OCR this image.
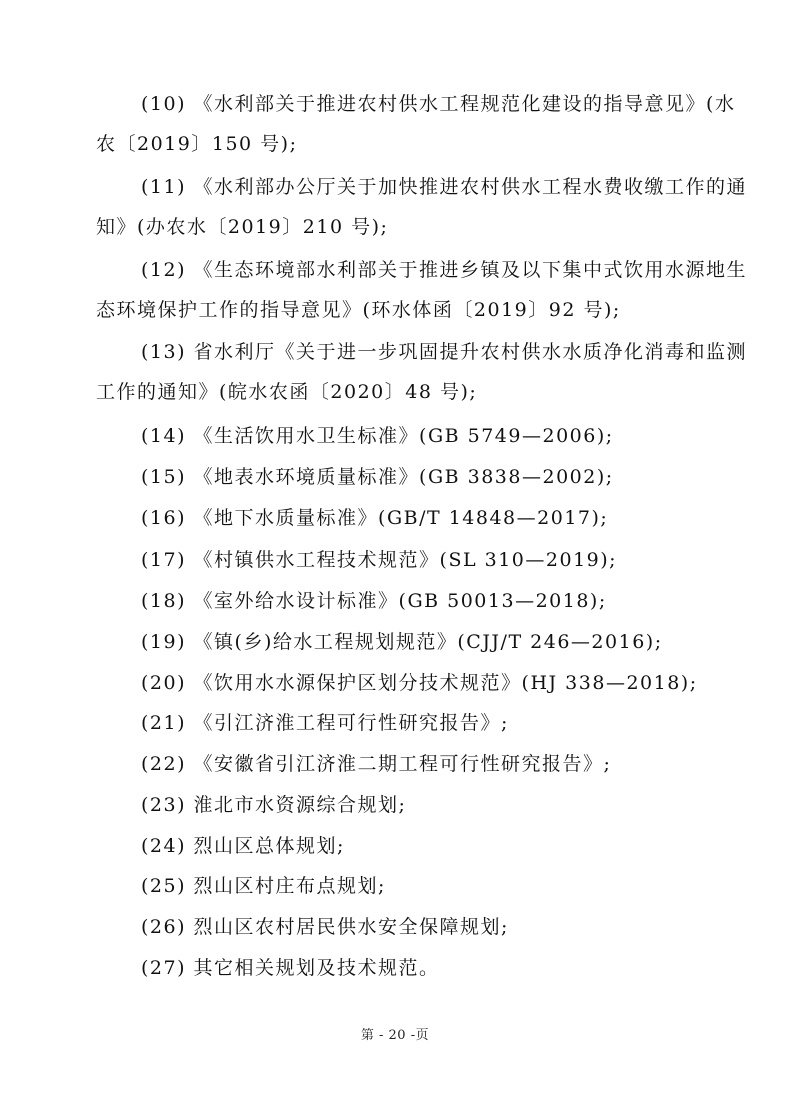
(10) 《水利部关于推进农村供水工程规范化建设的指导意见》(水
农〔2019〕150 号);
(11) 《水利部办公厅关于加快推进农村供水工程水费收缴工作的通
知》(办农水〔2019〕210 号);
(12) 《生态环境部水利部关于推进乡镇及以下集中式饮用水源地生
态环境保护工作的指导意见》(环水体函〔2019〕92 号);
(13) 省水利厅《关于进一步巩固提升农村供水水质净化消毒和监测
工作的通知》(皖水农函〔2020〕48 号);
(14) 《生活饮用水卫生标准》(GB 5749—2006);
(15) 《地表水环境质量标准》(GB 3838—2002);
(16) 《地下水质量标准》(GB/T 14848—2017);
(17) 《村镇供水工程技术规范》(SL 310—2019);
(18) 《室外给水设计标准》(GB 50013—2018);
(19) 《镇(乡)给水工程规划规范》(CJJ/T 246—2016);
(20) 《饮用水水源保护区划分技术规范》(HJ 338—2018);
(21) 《引江济淮工程可行性研究报告》;
(22) 《安徽省引江济淮二期工程可行性研究报告》;
(23) 淮北市水资源综合规划;
(24) 烈山区总体规划;
(25) 烈山区村庄布点规划;
(26) 烈山区农村居民供水安全保障规划;
(27) 其它相关规划及技术规范。
第 - 20 -页
